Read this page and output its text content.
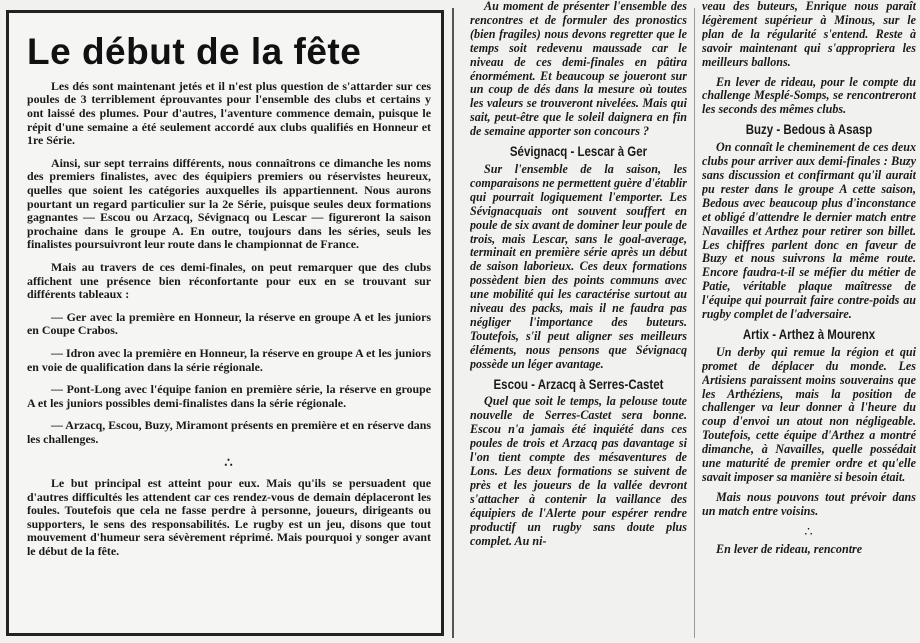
Le début de la fête

Les dés sont maintenant jetés et il n'est plus question de s'attarder sur ces poules de 3 terriblement éprouvantes pour l'ensemble des clubs et certains y ont laissé des plumes. Pour d'autres, l'aventure commence demain, puisque le répit d'une semaine a été seulement accordé aux clubs qualifiés en Honneur et 1re Série.

Ainsi, sur sept terrains différents, nous connaîtrons ce dimanche les noms des premiers finalistes, avec des équipiers premiers ou réservistes heureux, quelles que soient les catégories auxquelles ils appartiennent. Nous aurons pourtant un regard particulier sur la 2e Série, puisque seules deux formations gagnantes — Escou ou Arzacq, Sévignacq ou Lescar — figureront la saison prochaine dans le groupe A. En outre, toujours dans les séries, seuls les finalistes poursuivront leur route dans le championnat de France.

Mais au travers de ces demi-finales, on peut remarquer que des clubs affichent une présence bien réconfortante pour eux en se trouvant sur différents tableaux :

— Ger avec la première en Honneur, la réserve en groupe A et les juniors en Coupe Crabos.

— Idron avec la première en Honneur, la réserve en groupe A et les juniors en voie de qualification dans la série régionale.

— Pont-Long avec l'équipe fanion en première série, la réserve en groupe A et les juniors possibles demi-finalistes dans la série régionale.

— Arzacq, Escou, Buzy, Miramont présents en première et en réserve dans les challenges.

∴

Le but principal est atteint pour eux. Mais qu'ils se persuadent que d'autres difficultés les attendent car ces rendez-vous de demain déplaceront les foules. Toutefois que cela ne fasse perdre à personne, joueurs, dirigeants ou supporters, le sens des responsabilités. Le rugby est un jeu, disons que tout mouvement d'humeur sera sévèrement réprimé. Mais pourquoi y songer avant le début de la fête.

Au moment de présenter l'ensemble des rencontres et de formuler des pronostics (bien fragiles) nous devons regretter que le temps soit redevenu maussade car le niveau de ces demi-finales en pâtira énormément. Et beaucoup se joueront sur un coup de dés dans la mesure où toutes les valeurs se trouveront nivelées. Mais qui sait, peut-être que le soleil daignera en fin de semaine apporter son concours ?

Sévignacq - Lescar à Ger

Sur l'ensemble de la saison, les comparaisons ne permettent guère d'établir qui pourrait logiquement l'emporter. Les Sévignacquais ont souvent souffert en poule de six avant de dominer leur poule de trois, mais Lescar, sans le goal-average, terminait en première série après un début de saison laborieux. Ces deux formations possèdent bien des points communs avec une mobilité qui les caractérise surtout au niveau des packs, mais il ne faudra pas négliger l'importance des buteurs. Toutefois, s'il peut aligner ses meilleurs éléments, nous pensons que Sévignacq possède un léger avantage.

Escou - Arzacq à Serres-Castet

Quel que soit le temps, la pelouse toute nouvelle de Serres-Castet sera bonne. Escou n'a jamais été inquiété dans ces poules de trois et Arzacq pas davantage si l'on tient compte des mésaventures de Lons. Les deux formations se suivent de près et les joueurs de la vallée devront s'attacher à contenir la vaillance des équipiers de l'Alerte pour espérer rendre productif un rugby sans doute plus complet. Au ni-

veau des buteurs, Enrique nous paraît légèrement supérieur à Minous, sur le plan de la régularité s'entend. Reste à savoir maintenant qui s'appropriera les meilleurs ballons.

En lever de rideau, pour le compte du challenge Mesplé-Somps, se rencontreront les seconds des mêmes clubs.

Buzy - Bedous à Asasp

On connaît le cheminement de ces deux clubs pour arriver aux demi-finales : Buzy sans discussion et confirmant qu'il aurait pu rester dans le groupe A cette saison, Bedous avec beaucoup plus d'inconstance et obligé d'attendre le dernier match entre Navailles et Arthez pour retirer son billet. Les chiffres parlent donc en faveur de Buzy et nous suivrons la même route. Encore faudra-t-il se méfier du métier de Patie, véritable plaque maîtresse de l'équipe qui pourrait faire contre-poids au rugby complet de l'adversaire.

Artix - Arthez à Mourenx

Un derby qui remue la région et qui promet de déplacer du monde. Les Artisiens paraissent moins souverains que les Arthéziens, mais la position de challenger va leur donner à l'heure du coup d'envoi un atout non négligeable. Toutefois, cette équipe d'Arthez a montré dimanche, à Navailles, quelle possédait une maturité de premier ordre et qu'elle savait imposer sa manière si besoin était.

Mais nous pouvons tout prévoir dans un match entre voisins.

∴

En lever de rideau, rencontre
